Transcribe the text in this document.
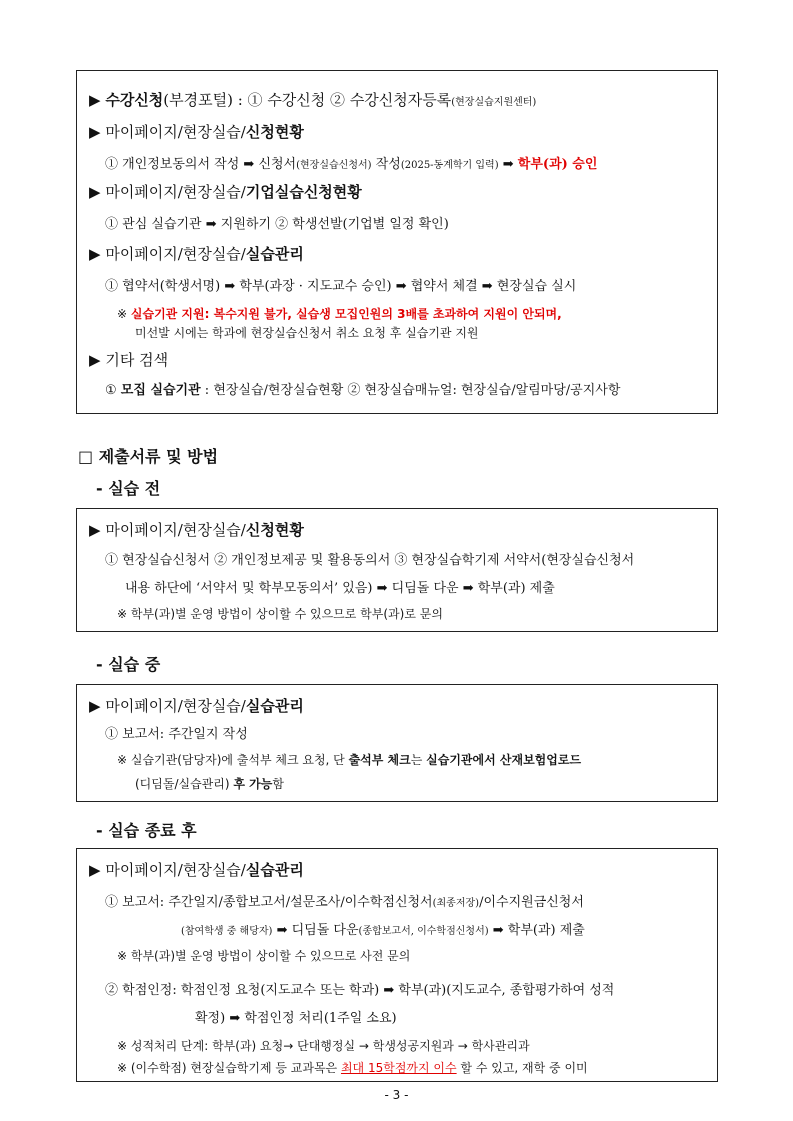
▶ 수강신청(부경포털) : ① 수강신청 ② 수강신청자등록(현장실습지원센터)
▶ 마이페이지/현장실습/신청현황
① 개인정보동의서 작성 ➡ 신청서(현장실습신청서) 작성(2025-동계학기 입력) ➡ 학부(과) 승인
▶ 마이페이지/현장실습/기업실습신청현황
① 관심 실습기관 ➡ 지원하기 ② 학생선발(기업별 일정 확인)
▶ 마이페이지/현장실습/실습관리
① 협약서(학생서명) ➡ 학부(과장 · 지도교수 승인) ➡ 협약서 체결 ➡ 현장실습 실시
※ 실습기관 지원: 복수지원 불가, 실습생 모집인원의 3배를 초과하여 지원이 안되며,
미선발 시에는 학과에 현장실습신청서 취소 요청 후 실습기관 지원
▶ 기타 검색
① 모집 실습기관 : 현장실습/현장실습현황 ② 현장실습매뉴얼: 현장실습/알림마당/공지사항
□ 제출서류 및 방법
- 실습 전
▶ 마이페이지/현장실습/신청현황
① 현장실습신청서 ② 개인정보제공 및 활용동의서 ③ 현장실습학기제 서약서(현장실습신청서
내용 하단에 ‘서약서 및 학부모동의서’ 있음) ➡ 디딤돌 다운 ➡ 학부(과) 제출
※ 학부(과)별 운영 방법이 상이할 수 있으므로 학부(과)로 문의
- 실습 중
▶ 마이페이지/현장실습/실습관리
① 보고서: 주간일지 작성
※ 실습기관(담당자)에 출석부 체크 요청, 단 출석부 체크는 실습기관에서 산재보험업로드
(디딤돌/실습관리) 후 가능함
- 실습 종료 후
▶ 마이페이지/현장실습/실습관리
① 보고서: 주간일지/종합보고서/설문조사/이수학점신청서(최종저장)/이수지원금신청서
(참여학생 중 해당자) ➡ 디딤돌 다운(종합보고서, 이수학점신청서) ➡ 학부(과) 제출
※ 학부(과)별 운영 방법이 상이할 수 있으므로 사전 문의
② 학점인정: 학점인정 요청(지도교수 또는 학과) ➡ 학부(과)(지도교수, 종합평가하여 성적
확정) ➡ 학점인정 처리(1주일 소요)
※ 성적처리 단계: 학부(과) 요청→ 단대행정실 → 학생성공지원과 → 학사관리과
※ (이수학점) 현장실습학기제 등 교과목은 최대 15학점까지 이수 할 수 있고, 재학 중 이미
- 3 -
